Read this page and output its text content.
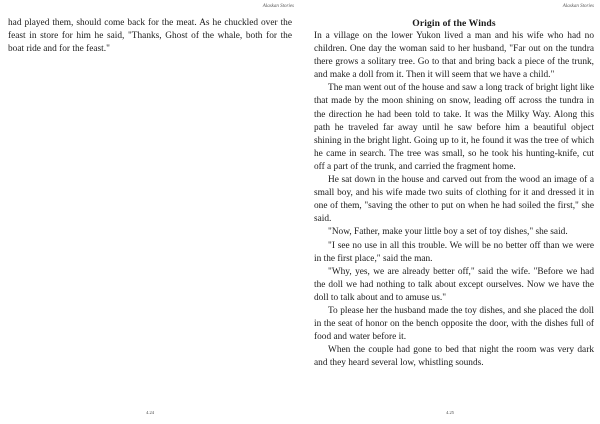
Alaskan Stories

had played them, should come back for the meat. As he chuckled over the feast in store for him he said, "Thanks, Ghost of the whale, both for the boat ride and for the feast."

4.24
Alaskan Stories
Origin of the Winds

In a village on the lower Yukon lived a man and his wife who had no children. One day the woman said to her husband, "Far out on the tundra there grows a solitary tree. Go to that and bring back a piece of the trunk, and make a doll from it. Then it will seem that we have a child."

The man went out of the house and saw a long track of bright light like that made by the moon shining on snow, leading off across the tundra in the direction he had been told to take. It was the Milky Way. Along this path he traveled far away until he saw before him a beautiful object shining in the bright light. Going up to it, he found it was the tree of which he came in search. The tree was small, so he took his hunting-knife, cut off a part of the trunk, and carried the fragment home.

He sat down in the house and carved out from the wood an image of a small boy, and his wife made two suits of clothing for it and dressed it in one of them, "saving the other to put on when he had soiled the first," she said.

"Now, Father, make your little boy a set of toy dishes," she said.

"I see no use in all this trouble. We will be no better off than we were in the first place," said the man.

"Why, yes, we are already better off," said the wife. "Before we had the doll we had nothing to talk about except ourselves. Now we have the doll to talk about and to amuse us."

To please her the husband made the toy dishes, and she placed the doll in the seat of honor on the bench opposite the door, with the dishes full of food and water before it.

When the couple had gone to bed that night the room was very dark and they heard several low, whistling sounds.

4.25
